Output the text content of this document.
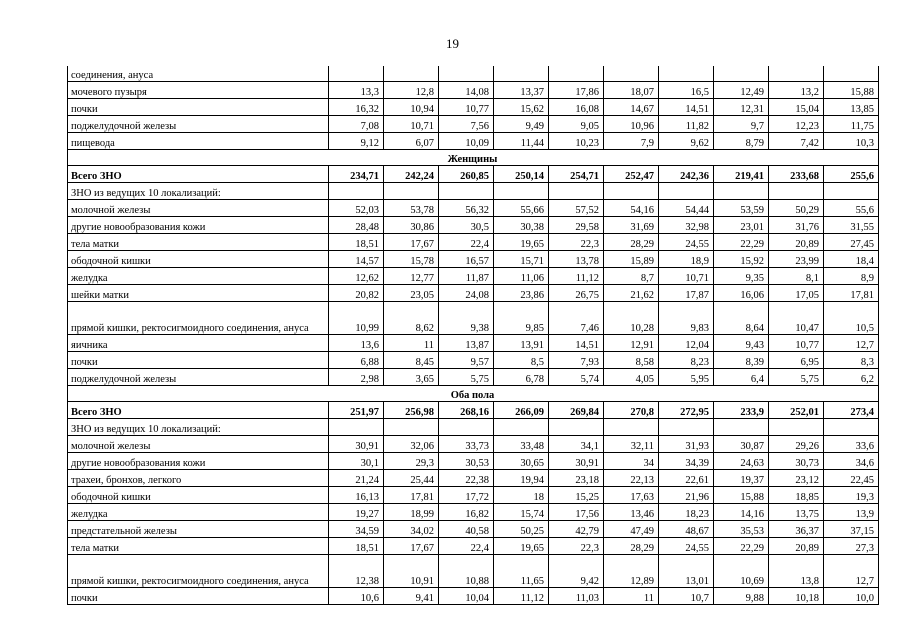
19
соединения, ануса										
мочевого пузыря	13,3	12,8	14,08	13,37	17,86	18,07	16,5	12,49	13,2	15,88
почки	16,32	10,94	10,77	15,62	16,08	14,67	14,51	12,31	15,04	13,85
поджелудочной железы	7,08	10,71	7,56	9,49	9,05	10,96	11,82	9,7	12,23	11,75
пищевода	9,12	6,07	10,09	11,44	10,23	7,9	9,62	8,79	7,42	10,3
Женщины										
Всего ЗНО	234,71	242,24	260,85	250,14	254,71	252,47	242,36	219,41	233,68	255,6
ЗНО из ведущих 10 локализаций:										
молочной железы	52,03	53,78	56,32	55,66	57,52	54,16	54,44	53,59	50,29	55,6
другие новообразования кожи	28,48	30,86	30,5	30,38	29,58	31,69	32,98	23,01	31,76	31,55
тела матки	18,51	17,67	22,4	19,65	22,3	28,29	24,55	22,29	20,89	27,45
ободочной кишки	14,57	15,78	16,57	15,71	13,78	15,89	18,9	15,92	23,99	18,4
желудка	12,62	12,77	11,87	11,06	11,12	8,7	10,71	9,35	8,1	8,9
шейки матки	20,82	23,05	24,08	23,86	26,75	21,62	17,87	16,06	17,05	17,81
прямой кишки, ректосигмоидного соединения, ануса	10,99	8,62	9,38	9,85	7,46	10,28	9,83	8,64	10,47	10,5
яичника	13,6	11	13,87	13,91	14,51	12,91	12,04	9,43	10,77	12,7
почки	6,88	8,45	9,57	8,5	7,93	8,58	8,23	8,39	6,95	8,3
поджелудочной железы	2,98	3,65	5,75	6,78	5,74	4,05	5,95	6,4	5,75	6,2
Оба пола										
Всего ЗНО	251,97	256,98	268,16	266,09	269,84	270,8	272,95	233,9	252,01	273,4
ЗНО из ведущих 10 локализаций:										
молочной железы	30,91	32,06	33,73	33,48	34,1	32,11	31,93	30,87	29,26	33,6
другие новообразования кожи	30,1	29,3	30,53	30,65	30,91	34	34,39	24,63	30,73	34,6
трахеи, бронхов, легкого	21,24	25,44	22,38	19,94	23,18	22,13	22,61	19,37	23,12	22,45
ободочной кишки	16,13	17,81	17,72	18	15,25	17,63	21,96	15,88	18,85	19,3
желудка	19,27	18,99	16,82	15,74	17,56	13,46	18,23	14,16	13,75	13,9
предстательной железы	34,59	34,02	40,58	50,25	42,79	47,49	48,67	35,53	36,37	37,15
тела матки	18,51	17,67	22,4	19,65	22,3	28,29	24,55	22,29	20,89	27,3
прямой кишки, ректосигмоидного соединения, ануса	12,38	10,91	10,88	11,65	9,42	12,89	13,01	10,69	13,8	12,7
почки	10,6	9,41	10,04	11,12	11,03	11	10,7	9,88	10,18	10,0
